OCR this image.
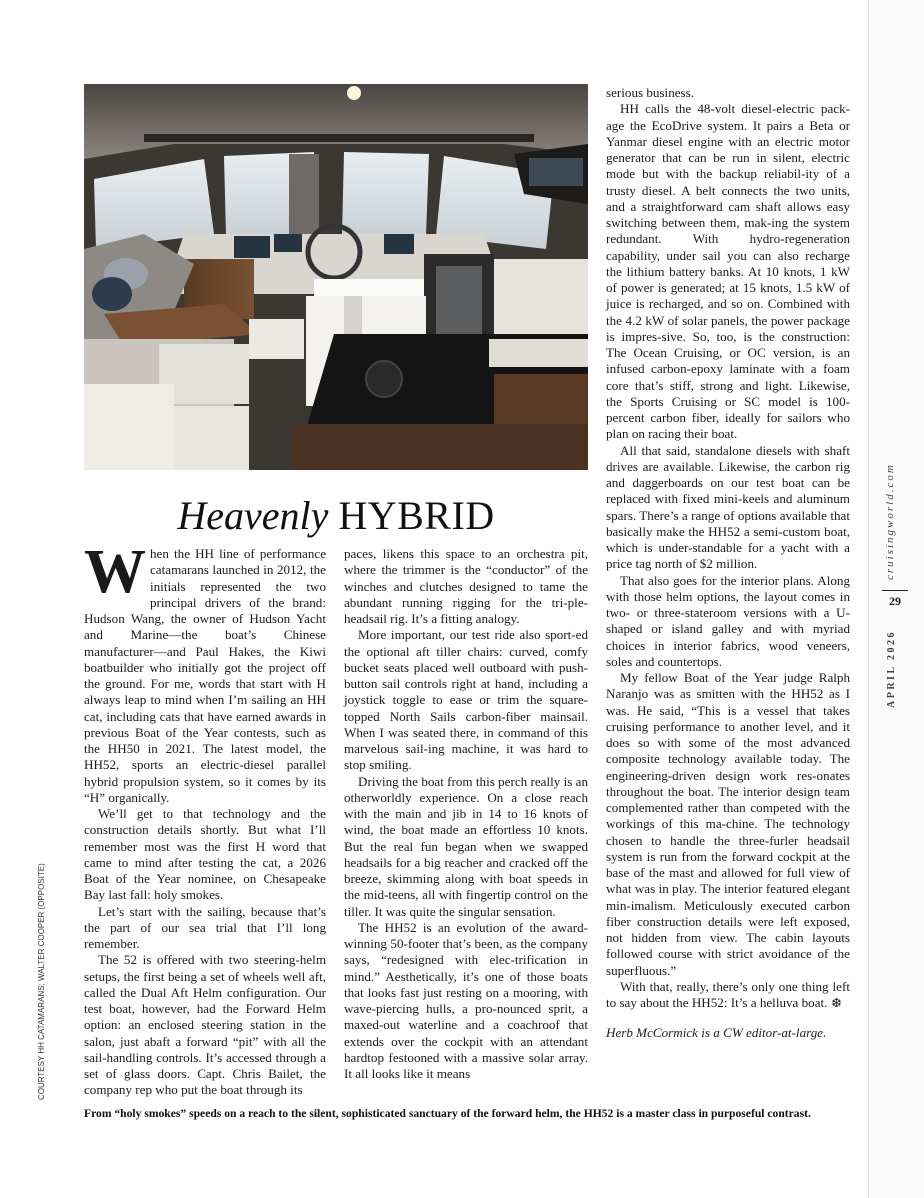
Heavenly HYBRID

When the HH line of performance catamarans launched in 2012, the initials represented the two principal drivers of the brand: Hudson Wang, the owner of Hudson Yacht and Marine—the boat’s Chinese manufacturer—and Paul Hakes, the Kiwi boatbuilder who initially got the project off the ground. For me, words that start with H always leap to mind when I’m sailing an HH cat, including cats that have earned awards in previous Boat of the Year contests, such as the HH50 in 2021. The latest model, the HH52, sports an electric-diesel parallel hybrid propulsion system, so it comes by its “H” organically.

We’ll get to that technology and the construction details shortly. But what I’ll remember most was the first H word that came to mind after testing the cat, a 2026 Boat of the Year nominee, on Chesapeake Bay last fall: holy smokes.

Let’s start with the sailing, because that’s the part of our sea trial that I’ll long remember.

The 52 is offered with two steering-helm setups, the first being a set of wheels well aft, called the Dual Aft Helm configuration. Our test boat, however, had the Forward Helm option: an enclosed steering station in the salon, just abaft a forward “pit” with all the sail-handling controls. It’s accessed through a set of glass doors. Capt. Chris Bailet, the company rep who put the boat through its

paces, likens this space to an orchestra pit, where the trimmer is the “conductor” of the winches and clutches designed to tame the abundant running rigging for the tri-ple-headsail rig. It’s a fitting analogy.

More important, our test ride also sport-ed the optional aft tiller chairs: curved, comfy bucket seats placed well outboard with push-button sail controls right at hand, including a joystick toggle to ease or trim the square-topped North Sails carbon-fiber mainsail. When I was seated there, in command of this marvelous sail-ing machine, it was hard to stop smiling.

Driving the boat from this perch really is an otherworldly experience. On a close reach with the main and jib in 14 to 16 knots of wind, the boat made an effortless 10 knots. But the real fun began when we swapped headsails for a big reacher and cracked off the breeze, skimming along with boat speeds in the mid-teens, all with fingertip control on the tiller. It was quite the singular sensation.

The HH52 is an evolution of the award-winning 50-footer that’s been, as the company says, “redesigned with elec-trification in mind.” Aesthetically, it’s one of those boats that looks fast just resting on a mooring, with wave-piercing hulls, a pro-nounced sprit, a maxed-out waterline and a coachroof that extends over the cockpit with an attendant hardtop festooned with a massive solar array. It all looks like it means

serious business.

HH calls the 48-volt diesel-electric pack-age the EcoDrive system. It pairs a Beta or Yanmar diesel engine with an electric motor generator that can be run in silent, electric mode but with the backup reliabil-ity of a trusty diesel. A belt connects the two units, and a straightforward cam shaft allows easy switching between them, mak-ing the system redundant. With hydro-regeneration capability, under sail you can also recharge the lithium battery banks. At 10 knots, 1 kW of power is generated; at 15 knots, 1.5 kW of juice is recharged, and so on. Combined with the 4.2 kW of solar panels, the power package is impres-sive. So, too, is the construction: The Ocean Cruising, or OC version, is an infused carbon-epoxy laminate with a foam core that’s stiff, strong and light. Likewise, the Sports Cruising or SC model is 100-percent carbon fiber, ideally for sailors who plan on racing their boat.

All that said, standalone diesels with shaft drives are available. Likewise, the carbon rig and daggerboards on our test boat can be replaced with fixed mini-keels and aluminum spars. There’s a range of options available that basically make the HH52 a semi-custom boat, which is under-standable for a yacht with a price tag north of $2 million.

That also goes for the interior plans. Along with those helm options, the layout comes in two- or three-stateroom versions with a U-shaped or island galley and with myriad choices in interior fabrics, wood veneers, soles and countertops.

My fellow Boat of the Year judge Ralph Naranjo was as smitten with the HH52 as I was. He said, “This is a vessel that takes cruising performance to another level, and it does so with some of the most advanced composite technology available today. The engineering-driven design work res-onates throughout the boat. The interior design team complemented rather than competed with the workings of this ma-chine. The technology chosen to handle the three-furler headsail system is run from the forward cockpit at the base of the mast and allowed for full view of what was in play. The interior featured elegant min-imalism. Meticulously executed carbon fiber construction details were left exposed, not hidden from view. The cabin layouts followed course with strict avoidance of the superfluous.”

With that, really, there’s only one thing left to say about the HH52: It’s a helluva boat. ❆

Herb McCormick is a CW editor-at-large.

From “holy smokes” speeds on a reach to the silent, sophisticated sanctuary of the forward helm, the HH52 is a master class in purposeful contrast.
COURTESY HH CATAMARANS; WALTER COOPER (OPPOSITE)
cruisingworld.com
29
APRIL 2026
